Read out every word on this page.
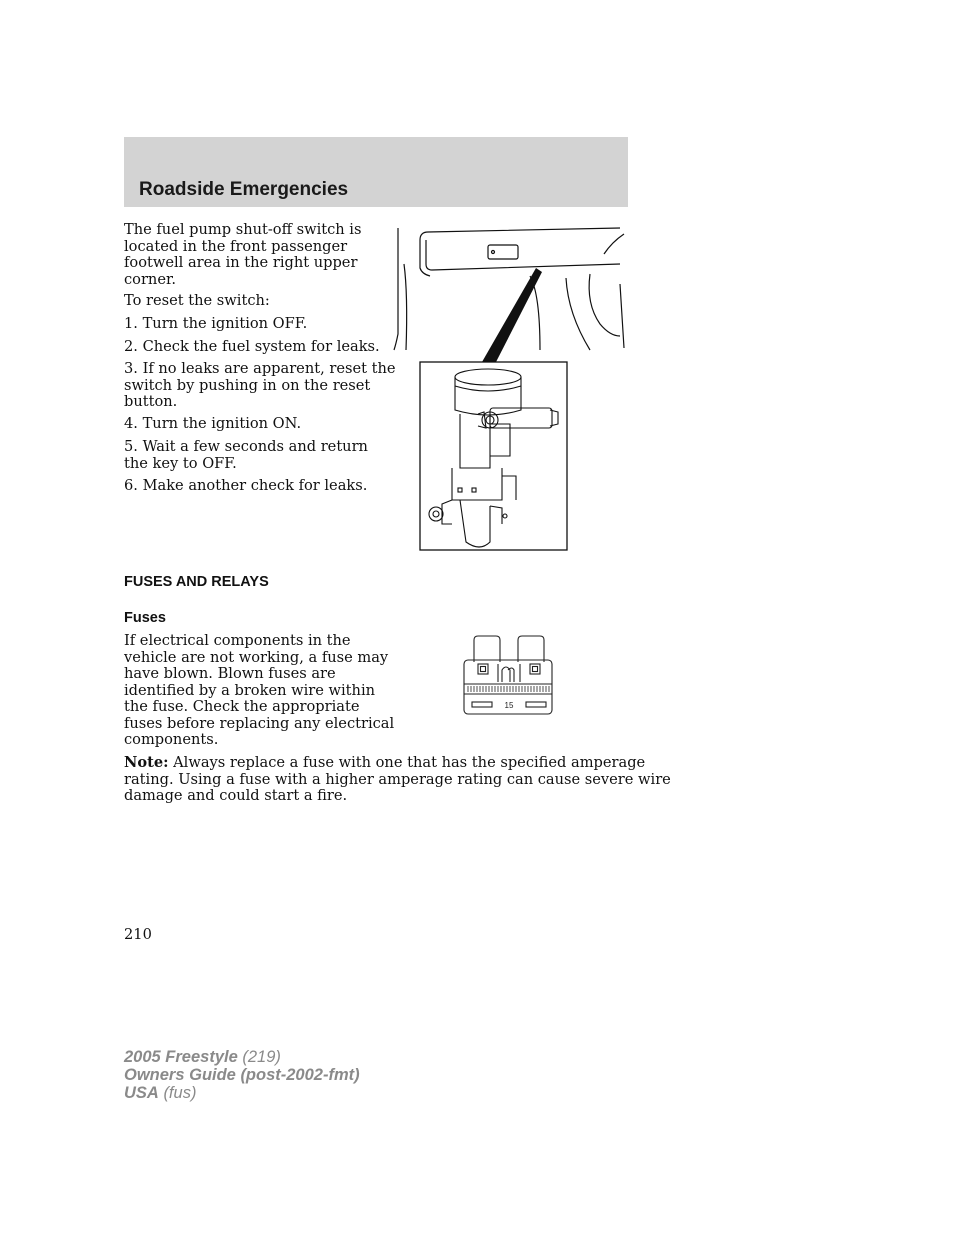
Roadside Emergencies
The fuel pump shut-off switch is
located in the front passenger
footwell area in the right upper
corner.
To reset the switch:
1. Turn the ignition OFF.
2. Check the fuel system for leaks.
3. If no leaks are apparent, reset the
switch by pushing in on the reset
button.
4. Turn the ignition ON.
5. Wait a few seconds and return
the key to OFF.
6. Make another check for leaks.
FUSES AND RELAYS
Fuses
If electrical components in the
vehicle are not working, a fuse may
have blown. Blown fuses are
identified by a broken wire within
the fuse. Check the appropriate
fuses before replacing any electrical
components.
15
Note: Always replace a fuse with one that has the specified amperage
rating. Using a fuse with a higher amperage rating can cause severe wire
damage and could start a fire.
210
2005 Freestyle (219)
Owners Guide (post-2002-fmt)
USA (fus)
